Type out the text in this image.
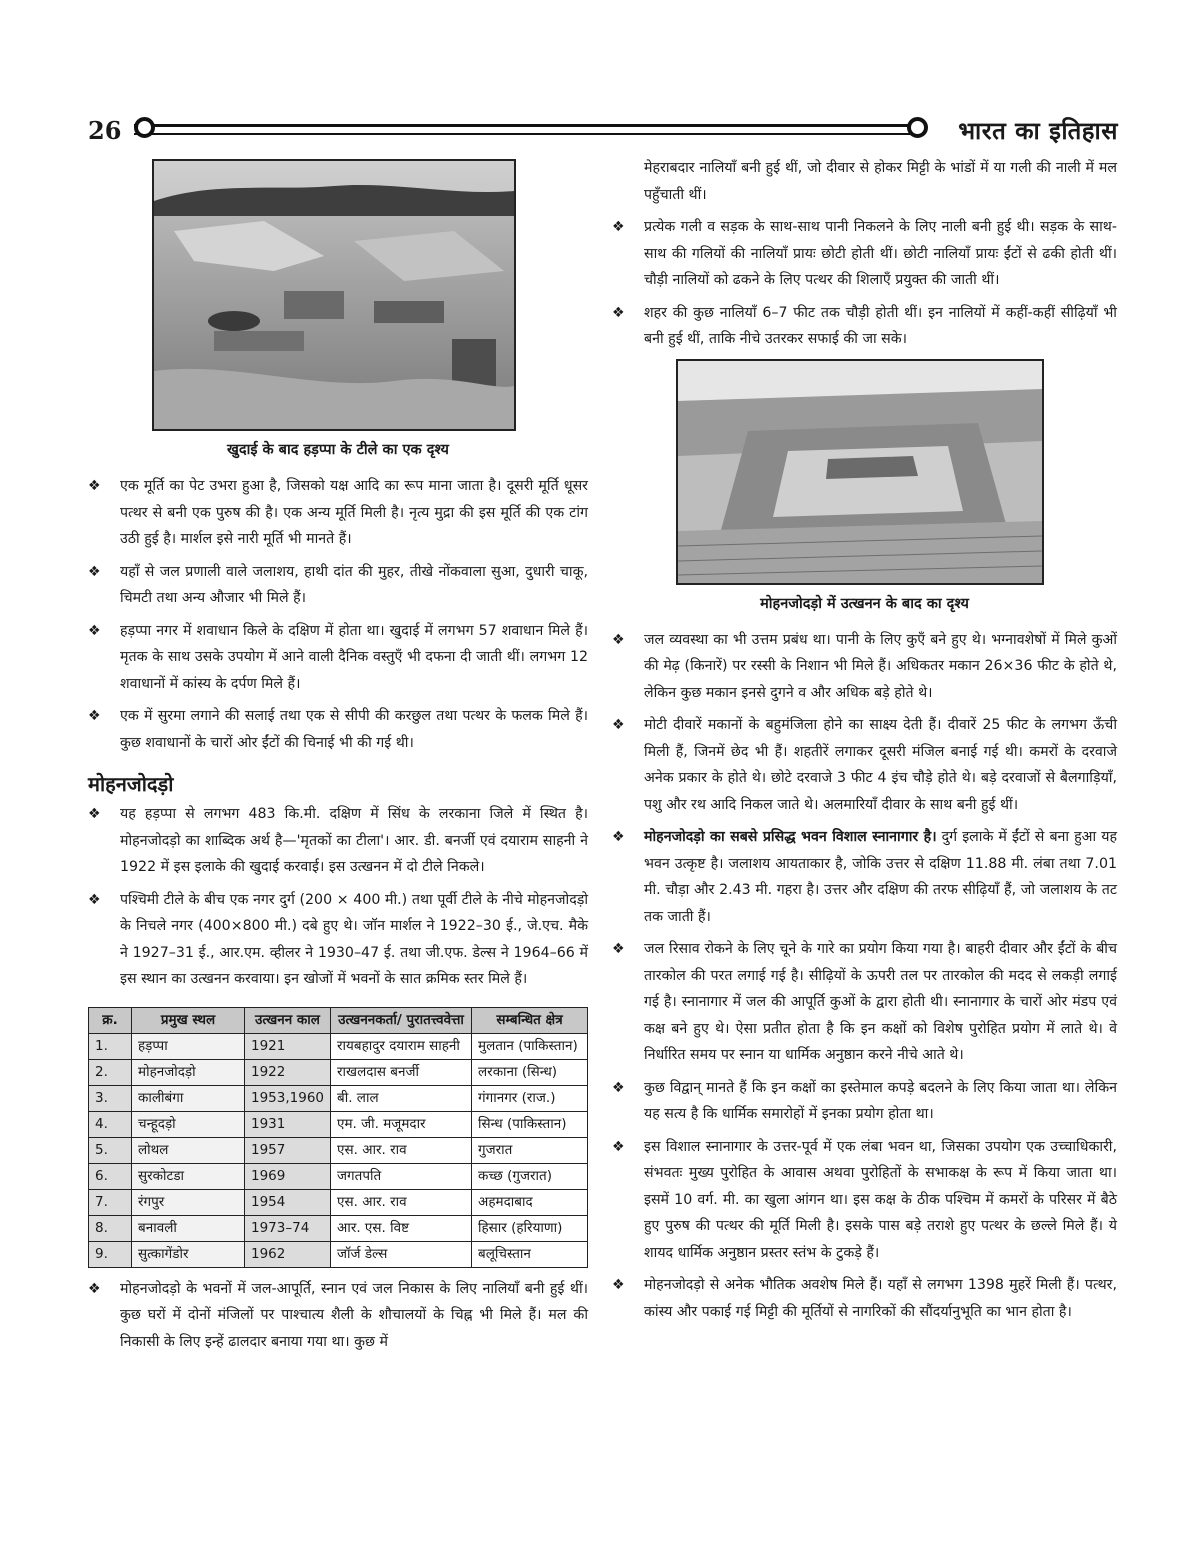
26	भारत का इतिहास
खुदाई के बाद हड़प्पा के टीले का एक दृश्य
❖ एक मूर्ति का पेट उभरा हुआ है, जिसको यक्ष आदि का रूप माना जाता है। दूसरी मूर्ति धूसर पत्थर से बनी एक पुरुष की है। एक अन्य मूर्ति मिली है। नृत्य मुद्रा की इस मूर्ति की एक टांग उठी हुई है। मार्शल इसे नारी मूर्ति भी मानते हैं।
❖ यहाँ से जल प्रणाली वाले जलाशय, हाथी दांत की मुहर, तीखे नोंकवाला सुआ, दुधारी चाकू, चिमटी तथा अन्य औजार भी मिले हैं।
❖ हड़प्पा नगर में शवाधान किले के दक्षिण में होता था। खुदाई में लगभग 57 शवाधान मिले हैं। मृतक के साथ उसके उपयोग में आने वाली दैनिक वस्तुएँ भी दफना दी जाती थीं। लगभग 12 शवाधानों में कांस्य के दर्पण मिले हैं।
❖ एक में सुरमा लगाने की सलाई तथा एक से सीपी की करछुल तथा पत्थर के फलक मिले हैं। कुछ शवाधानों के चारों ओर ईंटों की चिनाई भी की गई थी।
मोहनजोदड़ो
❖ यह हड़प्पा से लगभग 483 कि.मी. दक्षिण में सिंध के लरकाना जिले में स्थित है। मोहनजोदड़ो का शाब्दिक अर्थ है—'मृतकों का टीला'। आर. डी. बनर्जी एवं दयाराम साहनी ने 1922 में इस इलाके की खुदाई करवाई। इस उत्खनन में दो टीले निकले।
❖ पश्चिमी टीले के बीच एक नगर दुर्ग (200 × 400 मी.) तथा पूर्वी टीले के नीचे मोहनजोदड़ो के निचले नगर (400×800 मी.) दबे हुए थे। जॉन मार्शल ने 1922–30 ई., जे.एच. मैके ने 1927–31 ई., आर.एम. व्हीलर ने 1930–47 ई. तथा जी.एफ. डेल्स ने 1964–66 में इस स्थान का उत्खनन करवाया। इन खोजों में भवनों के सात क्रमिक स्तर मिले हैं।
क्र.	प्रमुख स्थल	उत्खनन काल	उत्खननकर्ता/ पुरातत्त्ववेत्ता	सम्बन्धित क्षेत्र
1.	हड़प्पा	1921	रायबहादुर दयाराम साहनी	मुलतान (पाकिस्तान)
2.	मोहनजोदड़ो	1922	राखलदास बनर्जी	लरकाना (सिन्ध)
3.	कालीबंगा	1953,1960	बी. लाल	गंगानगर (राज.)
4.	चन्हूदड़ो	1931	एम. जी. मजूमदार	सिन्ध (पाकिस्तान)
5.	लोथल	1957	एस. आर. राव	गुजरात
6.	सुरकोटडा	1969	जगतपति	कच्छ (गुजरात)
7.	रंगपुर	1954	एस. आर. राव	अहमदाबाद
8.	बनावली	1973–74	आर. एस. विष्ट	हिसार (हरियाणा)
9.	सुत्कागेंडोर	1962	जॉर्ज डेल्स	बलूचिस्तान
❖ मोहनजोदड़ो के भवनों में जल-आपूर्ति, स्नान एवं जल निकास के लिए नालियाँ बनी हुई थीं। कुछ घरों में दोनों मंजिलों पर पाश्चात्य शैली के शौचालयों के चिह्न भी मिले हैं। मल की निकासी के लिए इन्हें ढालदार बनाया गया था। कुछ में

मेहराबदार नालियाँ बनी हुई थीं, जो दीवार से होकर मिट्टी के भांडों में या गली की नाली में मल पहुँचाती थीं।

❖ प्रत्येक गली व सड़क के साथ-साथ पानी निकलने के लिए नाली बनी हुई थी। सड़क के साथ-साथ की गलियों की नालियाँ प्रायः छोटी होती थीं। छोटी नालियाँ प्रायः ईंटों से ढकी होती थीं। चौड़ी नालियों को ढकने के लिए पत्थर की शिलाएँ प्रयुक्त की जाती थीं।
❖ शहर की कुछ नालियाँ 6–7 फीट तक चौड़ी होती थीं। इन नालियों में कहीं-कहीं सीढ़ियाँ भी बनी हुई थीं, ताकि नीचे उतरकर सफाई की जा सके।
मोहनजोदड़ो में उत्खनन के बाद का दृश्य
❖ जल व्यवस्था का भी उत्तम प्रबंध था। पानी के लिए कुएँ बने हुए थे। भग्नावशेषों में मिले कुओं की मेढ़ (किनारें) पर रस्सी के निशान भी मिले हैं। अधिकतर मकान 26×36 फीट के होते थे, लेकिन कुछ मकान इनसे दुगने व और अधिक बड़े होते थे।
❖ मोटी दीवारें मकानों के बहुमंजिला होने का साक्ष्य देती हैं। दीवारें 25 फीट के लगभग ऊँची मिली हैं, जिनमें छेद भी हैं। शहतीरें लगाकर दूसरी मंजिल बनाई गई थी। कमरों के दरवाजे अनेक प्रकार के होते थे। छोटे दरवाजे 3 फीट 4 इंच चौड़े होते थे। बड़े दरवाजों से बैलगाड़ियाँ, पशु और रथ आदि निकल जाते थे। अलमारियाँ दीवार के साथ बनी हुई थीं।
❖ मोहनजोदड़ो का सबसे प्रसिद्ध भवन विशाल स्नानागार है। दुर्ग इलाके में ईंटों से बना हुआ यह भवन उत्कृष्ट है। जलाशय आयताकार है, जोकि उत्तर से दक्षिण 11.88 मी. लंबा तथा 7.01 मी. चौड़ा और 2.43 मी. गहरा है। उत्तर और दक्षिण की तरफ सीढ़ियाँ हैं, जो जलाशय के तट तक जाती हैं।
❖ जल रिसाव रोकने के लिए चूने के गारे का प्रयोग किया गया है। बाहरी दीवार और ईंटों के बीच तारकोल की परत लगाई गई है। सीढ़ियों के ऊपरी तल पर तारकोल की मदद से लकड़ी लगाई गई है। स्नानागार में जल की आपूर्ति कुओं के द्वारा होती थी। स्नानागार के चारों ओर मंडप एवं कक्ष बने हुए थे। ऐसा प्रतीत होता है कि इन कक्षों को विशेष पुरोहित प्रयोग में लाते थे। वे निर्धारित समय पर स्नान या धार्मिक अनुष्ठान करने नीचे आते थे।
❖ कुछ विद्वान् मानते हैं कि इन कक्षों का इस्तेमाल कपड़े बदलने के लिए किया जाता था। लेकिन यह सत्य है कि धार्मिक समारोहों में इनका प्रयोग होता था।
❖ इस विशाल स्नानागार के उत्तर-पूर्व में एक लंबा भवन था, जिसका उपयोग एक उच्चाधिकारी, संभवतः मुख्य पुरोहित के आवास अथवा पुरोहितों के सभाकक्ष के रूप में किया जाता था। इसमें 10 वर्ग. मी. का खुला आंगन था। इस कक्ष के ठीक पश्चिम में कमरों के परिसर में बैठे हुए पुरुष की पत्थर की मूर्ति मिली है। इसके पास बड़े तराशे हुए पत्थर के छल्ले मिले हैं। ये शायद धार्मिक अनुष्ठान प्रस्तर स्तंभ के टुकड़े हैं।
❖ मोहनजोदड़ो से अनेक भौतिक अवशेष मिले हैं। यहाँ से लगभग 1398 मुहरें मिली हैं। पत्थर, कांस्य और पकाई गई मिट्टी की मूर्तियों से नागरिकों की सौंदर्यानुभूति का भान होता है।
